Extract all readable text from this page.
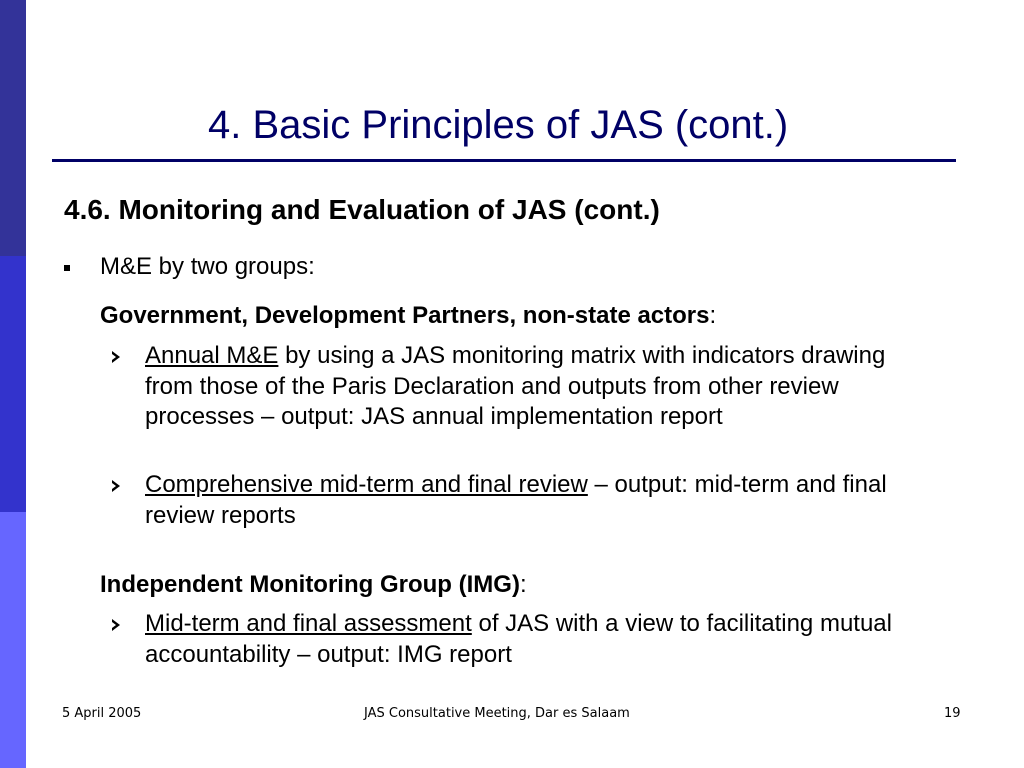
4. Basic Principles of JAS (cont.)
4.6. Monitoring and Evaluation of JAS (cont.)
M&E by two groups:
Government, Development Partners, non-state actors:
Annual M&E by using a JAS monitoring matrix with indicators drawing from those of the Paris Declaration and outputs from other review processes – output: JAS annual implementation report
Comprehensive mid-term and final review – output: mid-term and final review reports
Independent Monitoring Group (IMG):
Mid-term and final assessment of JAS with a view to facilitating mutual accountability – output: IMG report
5 April 2005	JAS Consultative Meeting, Dar es Salaam	19
